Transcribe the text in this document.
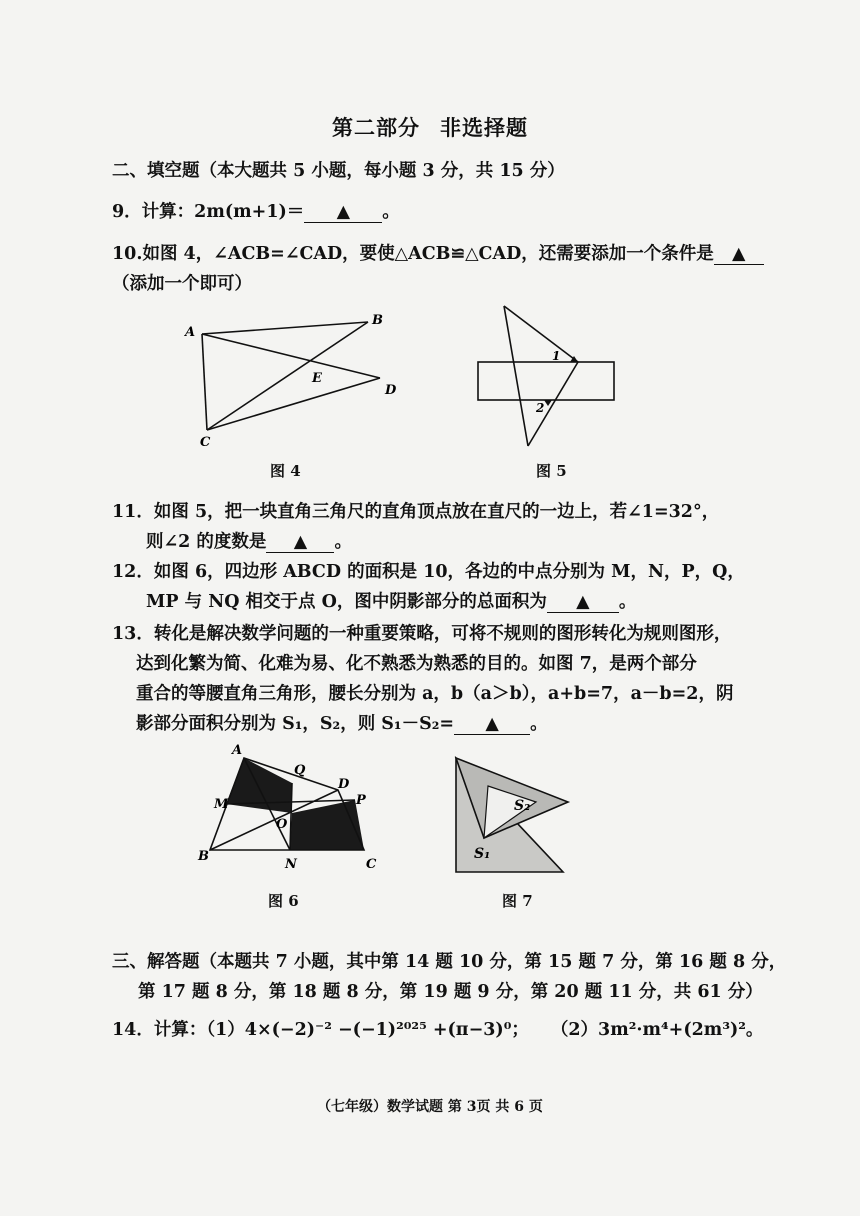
第二部分 非选择题
二、填空题（本大题共 5 小题，每小题 3 分，共 15 分）
9．计算：2m(m+1)＝ ▲ 。
10.如图 4，∠ACB=∠CAD，要使△ACB≌△CAD，还需要添加一个条件是 ▲
（添加一个即可）
A
B
C
D
E
图 4
1
2
图 5
11．如图 5，把一块直角三角尺的直角顶点放在直尺的一边上，若∠1=32°，
则∠2 的度数是 ▲ 。
12．如图 6，四边形 ABCD 的面积是 10，各边的中点分别为 M，N，P，Q，
MP 与 NQ 相交于点 O，图中阴影部分的总面积为 ▲ 。
13．转化是解决数学问题的一种重要策略，可将不规则的图形转化为规则图形，
达到化繁为简、化难为易、化不熟悉为熟悉的目的。如图 7，是两个部分
重合的等腰直角三角形，腰长分别为 a，b（a＞b），a+b=7，a－b=2，阴
影部分面积分别为 S₁，S₂，则 S₁－S₂= ▲ 。
A
Q
D
M
O
P
B
N	C
图 6
S₂
S₁
图 7
三、解答题（本题共 7 小题，其中第 14 题 10 分，第 15 题 7 分，第 16 题 8 分，
第 17 题 8 分，第 18 题 8 分，第 19 题 9 分，第 20 题 11 分，共 61 分）
14．计算：（1）4×(−2)⁻² −(−1)²⁰²⁵ +(π−3)⁰； （2）3m²·m⁴+(2m³)²。
（七年级）数学试题 第 3页 共 6 页
